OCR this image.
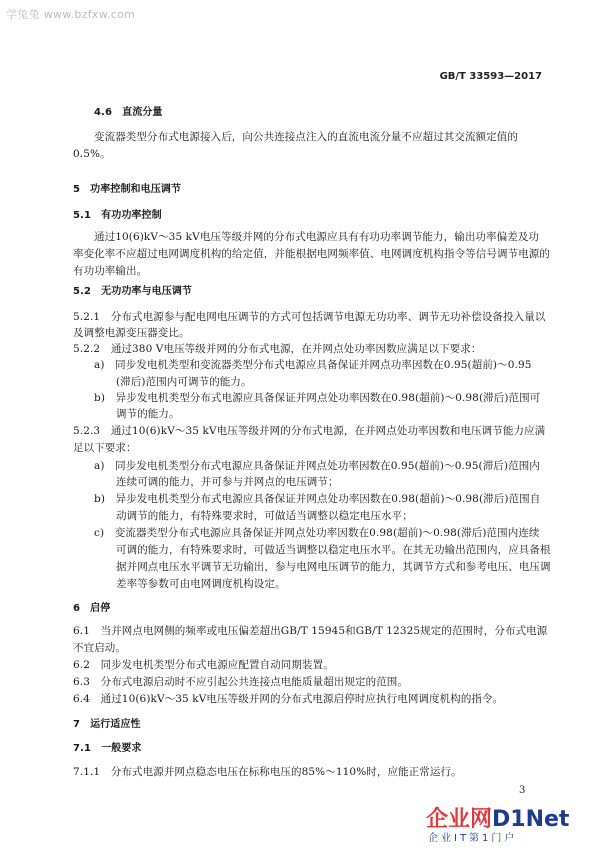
学兔兔 www.bzfxw.com
GB/T 33593—2017
4.6　直流分量
变流器类型分布式电源接入后，向公共连接点注入的直流电流分量不应超过其交流额定值的
0.5%。
5　功率控制和电压调节
5.1　有功功率控制
通过10(6)kV～35 kV电压等级并网的分布式电源应具有有功功率调节能力，输出功率偏差及功
率变化率不应超过电网调度机构的给定值，并能根据电网频率值、电网调度机构指令等信号调节电源的
有功功率输出。
5.2　无功功率与电压调节
5.2.1　分布式电源参与配电网电压调节的方式可包括调节电源无功功率、调节无功补偿设备投入量以
及调整电源变压器变比。
5.2.2　通过380 V电压等级并网的分布式电源，在并网点处功率因数应满足以下要求：
a)　同步发电机类型和变流器类型分布式电源应具备保证并网点功率因数在0.95(超前)～0.95
(滞后)范围内可调节的能力。
b)　异步发电机类型分布式电源应具备保证并网点处功率因数在0.98(超前)～0.98(滞后)范围可
调节的能力。
5.2.3　通过10(6)kV～35 kV电压等级并网的分布式电源，在并网点处功率因数和电压调节能力应满
足以下要求：
a)　同步发电机类型分布式电源应具备保证并网点处功率因数在0.95(超前)～0.95(滞后)范围内
连续可调的能力，并可参与并网点的电压调节；
b)　异步发电机类型分布式电源应具备保证并网点处功率因数在0.98(超前)～0.98(滞后)范围自
动调节的能力，有特殊要求时，可做适当调整以稳定电压水平；
c)　变流器类型分布式电源应具备保证并网点处功率因数在0.98(超前)～0.98(滞后)范围内连续
可调的能力，有特殊要求时，可做适当调整以稳定电压水平。在其无功输出范围内，应具备根
据并网点电压水平调节无功输出，参与电网电压调节的能力，其调节方式和参考电压、电压调
差率等参数可由电网调度机构设定。
6　启停
6.1　当并网点电网侧的频率或电压偏差超出GB/T 15945和GB/T 12325规定的范围时，分布式电源
不宜启动。
6.2　同步发电机类型分布式电源应配置自动同期装置。
6.3　分布式电源启动时不应引起公共连接点电能质量超出规定的范围。
6.4　通过10(6)kV～35 kV电压等级并网的分布式电源启停时应执行电网调度机构的指令。
7　运行适应性
7.1　一般要求
7.1.1　分布式电源并网点稳态电压在标称电压的85%～110%时，应能正常运行。
3
企业网D1Net
企业IT第1门户
